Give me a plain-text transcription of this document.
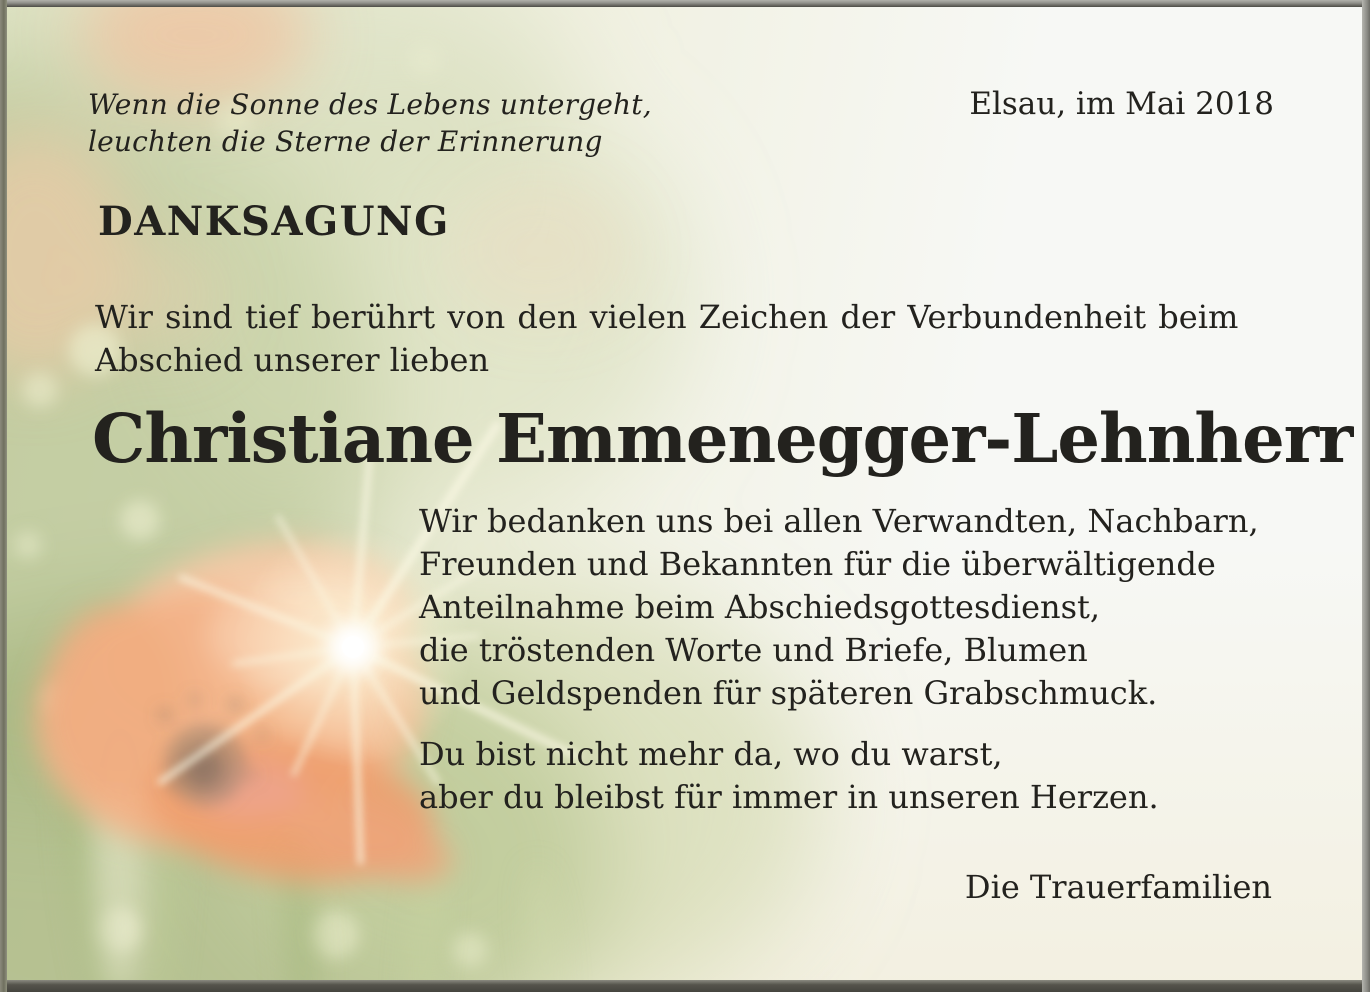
Wenn die Sonne des Lebens untergeht,
leuchten die Sterne der Erinnerung
Elsau, im Mai 2018
DANKSAGUNG
Wir sind tief berührt von den vielen Zeichen der Verbundenheit beim
Abschied unserer lieben
Christiane Emmenegger-Lehnherr
Wir bedanken uns bei allen Verwandten, Nachbarn,
Freunden und Bekannten für die überwältigende
Anteilnahme beim Abschiedsgottesdienst,
die tröstenden Worte und Briefe, Blumen
und Geldspenden für späteren Grabschmuck.
Du bist nicht mehr da, wo du warst,
aber du bleibst für immer in unseren Herzen.
Die Trauerfamilien
